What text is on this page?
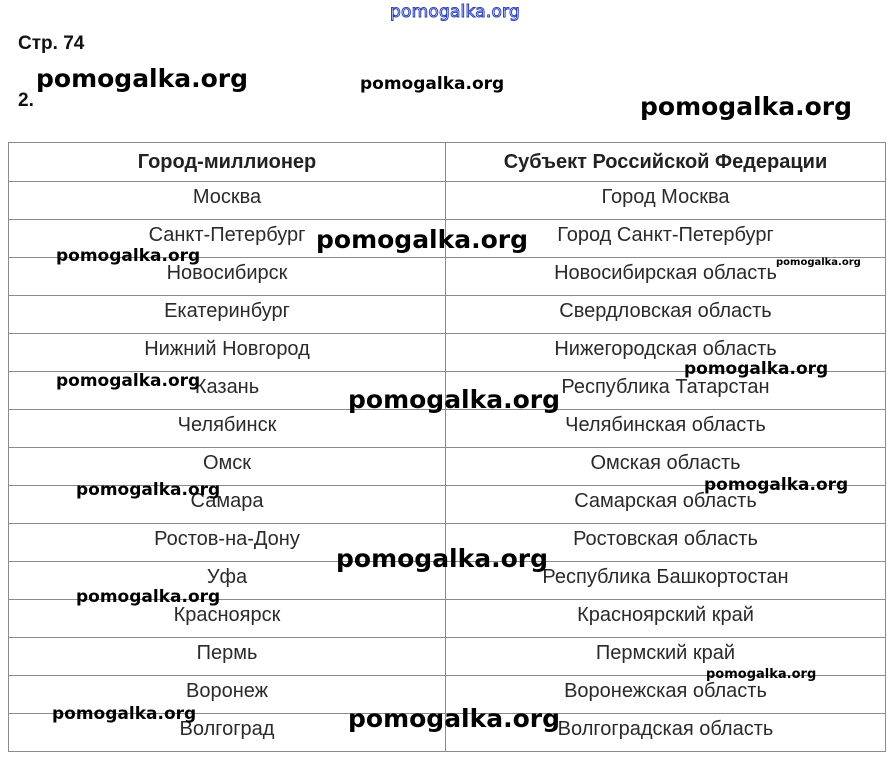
pomogalka.org
Стр. 74
2.
Город-миллионер	Субъект Российской Федерации
Москва	Город Москва
Санкт-Петербург	Город Санкт-Петербург
Новосибирск	Новосибирская область
Екатеринбург	Свердловская область
Нижний Новгород	Нижегородская область
Казань	Республика Татарстан
Челябинск	Челябинская область
Омск	Омская область
Самара	Самарская область
Ростов-на-Дону	Ростовская область
Уфа	Республика Башкортостан
Красноярск	Красноярский край
Пермь	Пермский край
Воронеж	Воронежская область
Волгоград	Волгоградская область
pomogalka.org	pomogalka.org
pomogalka.org
pomogalka.org
pomogalka.org	pomogalka.org
pomogalka.org
pomogalka.org
pomogalka.org
pomogalka.org	pomogalka.org
pomogalka.org
pomogalka.org
pomogalka.org
pomogalka.org	pomogalka.org
